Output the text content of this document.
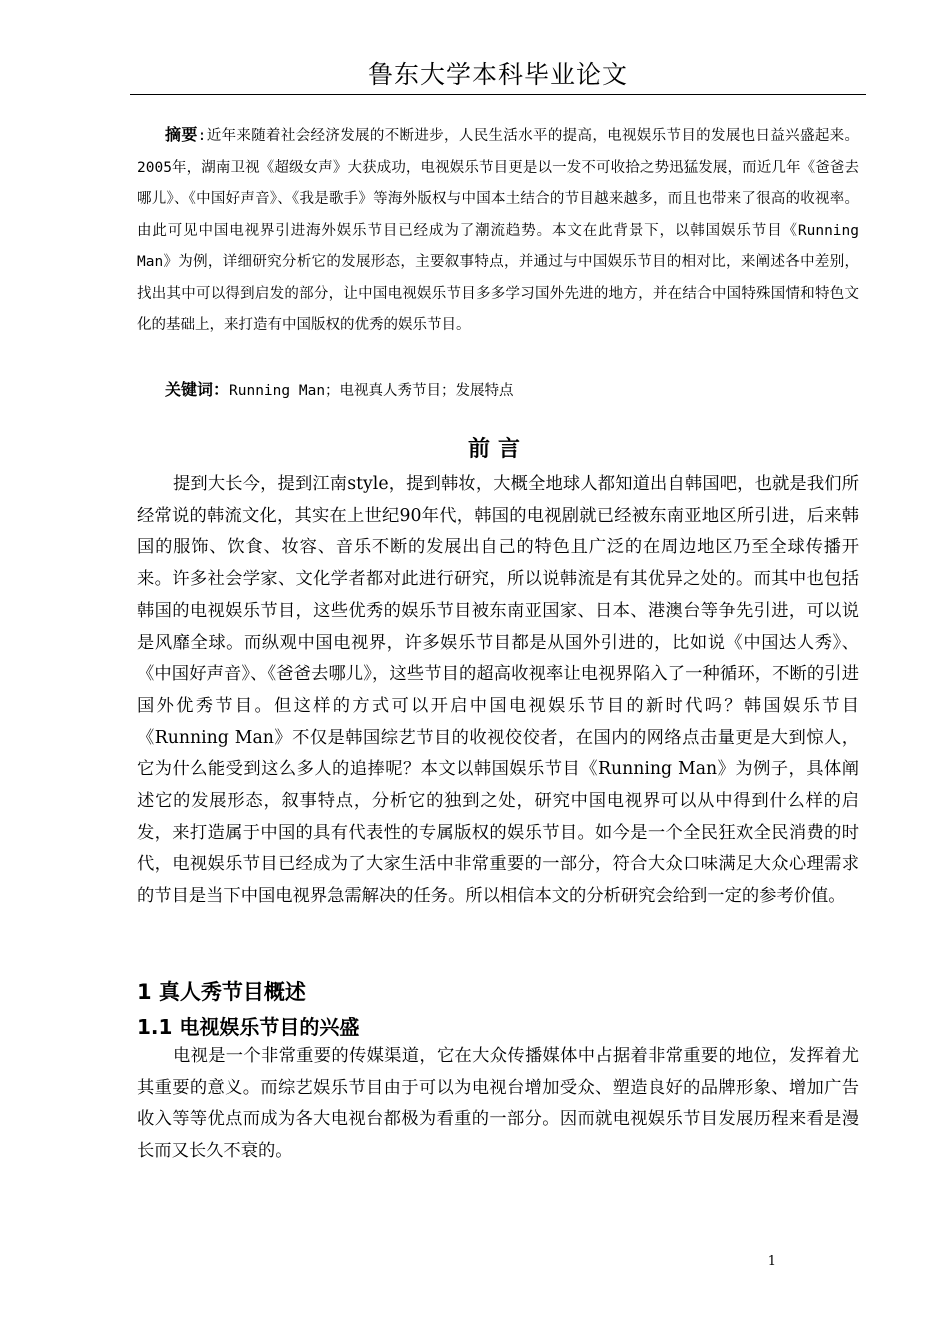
鲁东大学本科毕业论文

摘要:近年来随着社会经济发展的不断进步，人民生活水平的提高，电视娱乐节目的发展也日益兴盛起来。2005年，湖南卫视《超级女声》大获成功，电视娱乐节目更是以一发不可收拾之势迅猛发展，而近几年《爸爸去哪儿》、《中国好声音》、《我是歌手》等海外版权与中国本土结合的节目越来越多，而且也带来了很高的收视率。由此可见中国电视界引进海外娱乐节目已经成为了潮流趋势。本文在此背景下，以韩国娱乐节目《Running Man》为例，详细研究分析它的发展形态，主要叙事特点，并通过与中国娱乐节目的相对比，来阐述各中差别，找出其中可以得到启发的部分，让中国电视娱乐节目多多学习国外先进的地方，并在结合中国特殊国情和特色文化的基础上，来打造有中国版权的优秀的娱乐节目。

关键词：Running Man；电视真人秀节目；发展特点

前言

提到大长今，提到江南style，提到韩妆，大概全地球人都知道出自韩国吧，也就是我们所经常说的韩流文化，其实在上世纪90年代，韩国的电视剧就已经被东南亚地区所引进，后来韩国的服饰、饮食、妆容、音乐不断的发展出自己的特色且广泛的在周边地区乃至全球传播开来。许多社会学家、文化学者都对此进行研究，所以说韩流是有其优异之处的。而其中也包括韩国的电视娱乐节目，这些优秀的娱乐节目被东南亚国家、日本、港澳台等争先引进，可以说是风靡全球。而纵观中国电视界，许多娱乐节目都是从国外引进的，比如说《中国达人秀》、《中国好声音》、《爸爸去哪儿》，这些节目的超高收视率让电视界陷入了一种循环，不断的引进国外优秀节目。但这样的方式可以开启中国电视娱乐节目的新时代吗？韩国娱乐节目《Running Man》不仅是韩国综艺节目的收视佼佼者，在国内的网络点击量更是大到惊人，它为什么能受到这么多人的追捧呢？本文以韩国娱乐节目《Running Man》为例子，具体阐述它的发展形态，叙事特点，分析它的独到之处，研究中国电视界可以从中得到什么样的启发，来打造属于中国的具有代表性的专属版权的娱乐节目。如今是一个全民狂欢全民消费的时代，电视娱乐节目已经成为了大家生活中非常重要的一部分，符合大众口味满足大众心理需求的节目是当下中国电视界急需解决的任务。所以相信本文的分析研究会给到一定的参考价值。

1 真人秀节目概述
1.1 电视娱乐节目的兴盛

电视是一个非常重要的传媒渠道，它在大众传播媒体中占据着非常重要的地位，发挥着尤其重要的意义。而综艺娱乐节目由于可以为电视台增加受众、塑造良好的品牌形象、增加广告收入等等优点而成为各大电视台都极为看重的一部分。因而就电视娱乐节目发展历程来看是漫长而又长久不衰的。

1
